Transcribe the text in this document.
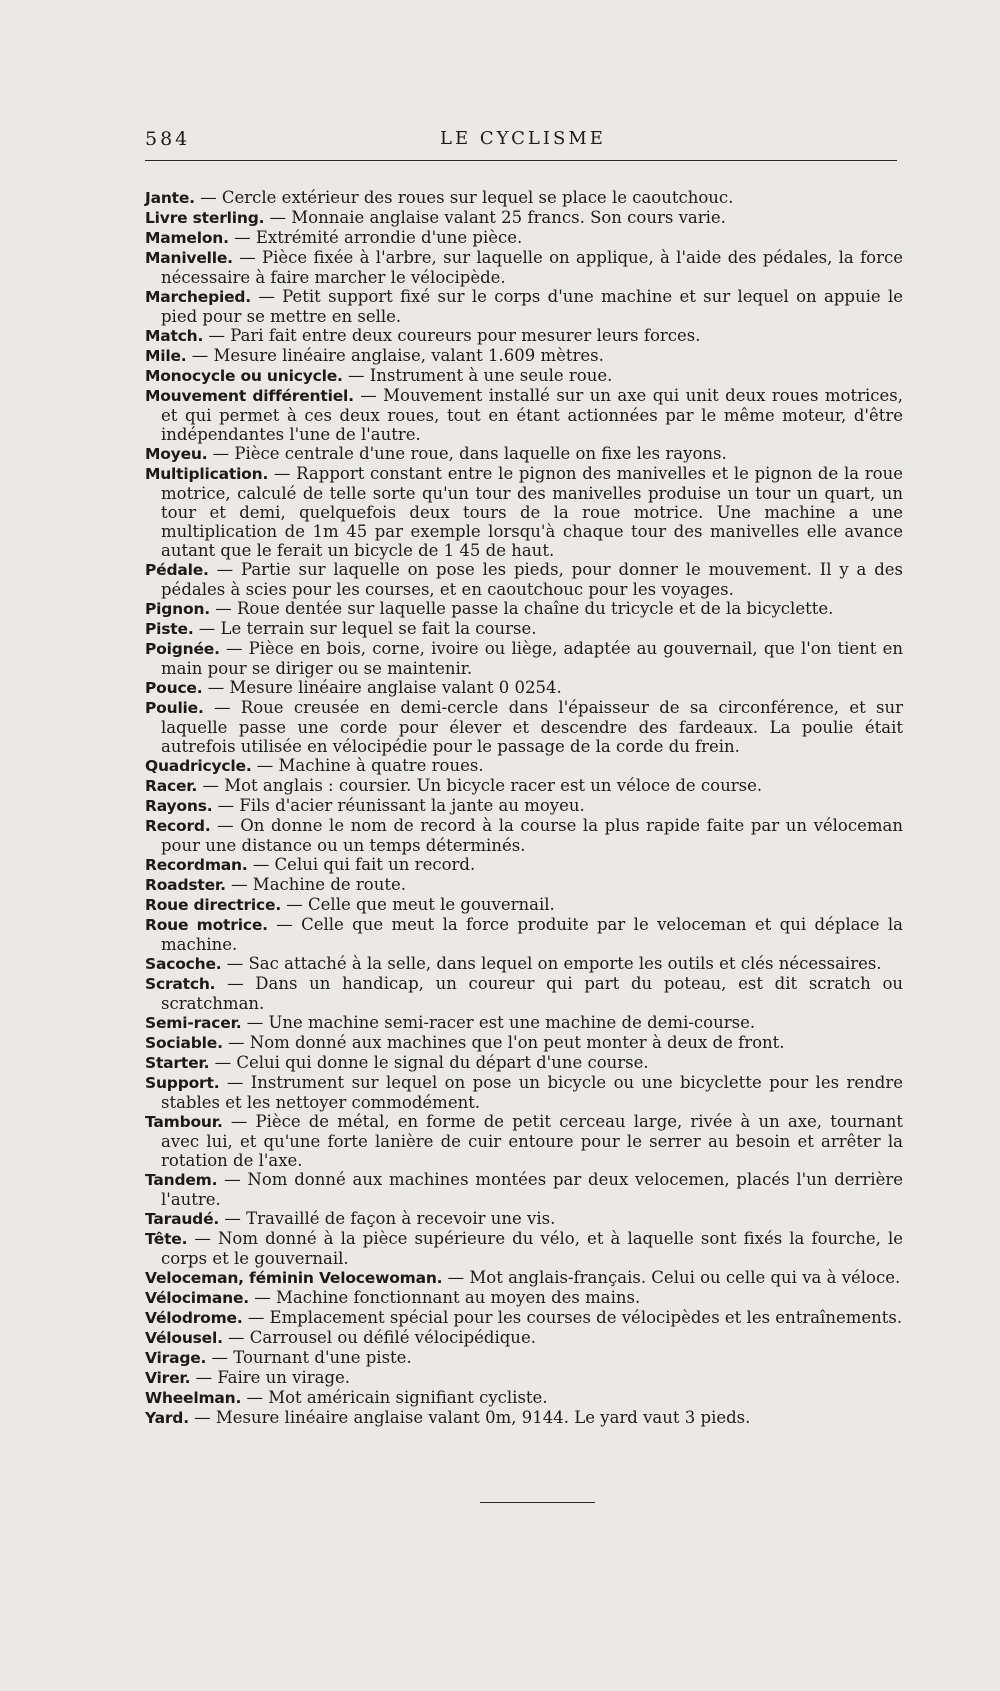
584	LE CYCLISME
Jante. — Cercle extérieur des roues sur lequel se place le caoutchouc.
Livre sterling. — Monnaie anglaise valant 25 francs. Son cours varie.
Mamelon. — Extrémité arrondie d'une pièce.
Manivelle. — Pièce fixée à l'arbre, sur laquelle on applique, à l'aide des pédales, la force nécessaire à faire marcher le vélocipède.
Marchepied. — Petit support fixé sur le corps d'une machine et sur lequel on appuie le pied pour se mettre en selle.
Match. — Pari fait entre deux coureurs pour mesurer leurs forces.
Mile. — Mesure linéaire anglaise, valant 1.609 mètres.
Monocycle ou unicycle. — Instrument à une seule roue.
Mouvement différentiel. — Mouvement installé sur un axe qui unit deux roues motrices, et qui permet à ces deux roues, tout en étant actionnées par le même moteur, d'être indépendantes l'une de l'autre.
Moyeu. — Pièce centrale d'une roue, dans laquelle on fixe les rayons.
Multiplication. — Rapport constant entre le pignon des manivelles et le pignon de la roue motrice, calculé de telle sorte qu'un tour des manivelles produise un tour un quart, un tour et demi, quelquefois deux tours de la roue motrice. Une machine a une multiplication de 1m 45 par exemple lorsqu'à chaque tour des manivelles elle avance autant que le ferait un bicycle de 1 45 de haut.
Pédale. — Partie sur laquelle on pose les pieds, pour donner le mouvement. Il y a des pédales à scies pour les courses, et en caoutchouc pour les voyages.
Pignon. — Roue dentée sur laquelle passe la chaîne du tricycle et de la bicyclette.
Piste. — Le terrain sur lequel se fait la course.
Poignée. — Pièce en bois, corne, ivoire ou liège, adaptée au gouvernail, que l'on tient en main pour se diriger ou se maintenir.
Pouce. — Mesure linéaire anglaise valant 0 0254.
Poulie. — Roue creusée en demi-cercle dans l'épaisseur de sa circonférence, et sur laquelle passe une corde pour élever et descendre des fardeaux. La poulie était autrefois utilisée en vélocipédie pour le passage de la corde du frein.
Quadricycle. — Machine à quatre roues.
Racer. — Mot anglais : coursier. Un bicycle racer est un véloce de course.
Rayons. — Fils d'acier réunissant la jante au moyeu.
Record. — On donne le nom de record à la course la plus rapide faite par un véloceman pour une distance ou un temps déterminés.
Recordman. — Celui qui fait un record.
Roadster. — Machine de route.
Roue directrice. — Celle que meut le gouvernail.
Roue motrice. — Celle que meut la force produite par le veloceman et qui déplace la machine.
Sacoche. — Sac attaché à la selle, dans lequel on emporte les outils et clés nécessaires.
Scratch. — Dans un handicap, un coureur qui part du poteau, est dit scratch ou scratchman.
Semi-racer. — Une machine semi-racer est une machine de demi-course.
Sociable. — Nom donné aux machines que l'on peut monter à deux de front.
Starter. — Celui qui donne le signal du départ d'une course.
Support. — Instrument sur lequel on pose un bicycle ou une bicyclette pour les rendre stables et les nettoyer commodément.
Tambour. — Pièce de métal, en forme de petit cerceau large, rivée à un axe, tournant avec lui, et qu'une forte lanière de cuir entoure pour le serrer au besoin et arrêter la rotation de l'axe.
Tandem. — Nom donné aux machines montées par deux velocemen, placés l'un derrière l'autre.
Taraudé. — Travaillé de façon à recevoir une vis.
Tête. — Nom donné à la pièce supérieure du vélo, et à laquelle sont fixés la fourche, le corps et le gouvernail.
Veloceman, féminin Velocewoman. — Mot anglais-français. Celui ou celle qui va à véloce.
Vélocimane. — Machine fonctionnant au moyen des mains.
Vélodrome. — Emplacement spécial pour les courses de vélocipèdes et les entraînements.
Vélousel. — Carrousel ou défilé vélocipédique.
Virage. — Tournant d'une piste.
Virer. — Faire un virage.
Wheelman. — Mot américain signifiant cycliste.
Yard. — Mesure linéaire anglaise valant 0m, 9144. Le yard vaut 3 pieds.
